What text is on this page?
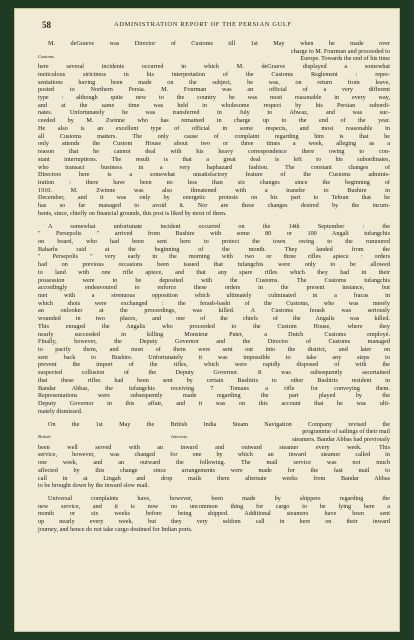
58	ADMINISTRATION REPORT OF THE PERSIAN GULF
M. deGraeve was Director of Customs till 1st May when he made over
Customs.
charge to M. Fourman and proceeded to
Europe. Towards the end of his time
here several incidents occurred in which M. deGraeve displayed a somewhat
meticulous strictness in his interpretation of the Customs Reglement : repre-
sentations having been made on the subject, he was, on return from leave,
posted to Northern Persia. M. Fourman was an official of a very different
type : although quite new to the country he was most reasonable in every way,
and at the same time was held in wholesome respect by his Persian subordi-
nates. Unfortunately he was transferred in July to Ahwaz, and was suc-
ceeded by M. Zwinne who has remained in charge up to the end of the year.
He also is an excellent type of official in some respects, and most reasonable in
all Customs matters. The only cause of complaint regarding him is that he
only attends the Custom House about two or three times a week, alleging as a
reason that he cannot deal with his heavy correspondence there owing to con-
stant interruptions. The result is that a great deal is left to his subordinates,
who transact business in a very haphazard fashion. The constant changes of
Directors here is a somewhat unsatisfactory feature of the Customs adminis-
tration : there have been no less than six changes since the beginning of
1910. M. Zwinne was also threatened with a transfer to Bushire in
December, and it was only by energetic protests on his part to Tehran that he
has so far managed to avoid it. Nor are these changes desired by the incum-
bents, since, chiefly on financial grounds, this post is liked by most of them.
A somewhat unfortunate incident occurred on the 14th September : the
" Persepolis " arrived from Bushire with some 80 or 100 Angali tufangchis
on board, who had been sent here to protect the town owing to the rumoured
Baharlu raid at the beginning of the month. They landed from the
" Persepolis " very early in the morning with two or three rifles apiece : orders
had on previous occasions been issued that tufangchis were only to be allowed
to land with one rifle apiece, and that any spare rifles which they had in their
possession were to be deposited with the Customs. The Customs tufangchis
accordingly endeavoured to enforce these orders in the present instance, but
met with a strenuous opposition which ultimately culminated in a fracas in
which shots were exchanged : the ferash-bashi of the Customs, who was merely
an onlooker at the proceedings, was killed. A Customs ferash was seriously
wounded in two places, and one of the chiefs of the Angalis was killed.
This enraged the Angalis who proceeded to the Custom House, where they
nearly succeeded in killing Monsieur Pater, a Dutch Customs employé.
Finally, however, the Deputy Governor and the Director of Customs managed
to pacify them, and most of them were sent out into the district, and later on
sent back to Bushire. Unfortunately it was impossible to take any steps to
prevent the import of the rifles, which were rapidly disposed of with the
suspected collusion of the Deputy Governor. It was subsequently ascertained
that these rifles had been sent by certain Bushiris to other Bushiris resident in
Bandar Abbas, the tufangchis receiving 7 Tomans a rifle for conveying them.
Representations were subsequently made regarding the part played by the
Deputy Governor in this affair, and it was on this account that he was ulti-
mately dismissed.
On the 1st May the British India Steam Navigation Company revised the
British Interests.
programme of sailings of their mail
steamers. Bandar Abbas had previously
been well served with an inward and outward steamer every week. This
service, however, was changed for one by which an inward steamer called in
one week, and an outward the following. The mail service was not much
affected by this change since arrangements were made for the fast mail to
call in at Lingah and drop mails there alternate weeks from Bandar Abbas
to be brought down by the inward slow mail.
Universal complaints have, however, been made by shippers regarding the
new service, and it is now no uncommon thing for cargo to be lying here a
month or six weeks before being shipped. Additional steamers have been sent
up nearly every week, but they very seldom call in here on their inward
journey, and hence do not take cargo destined for Indian ports.
